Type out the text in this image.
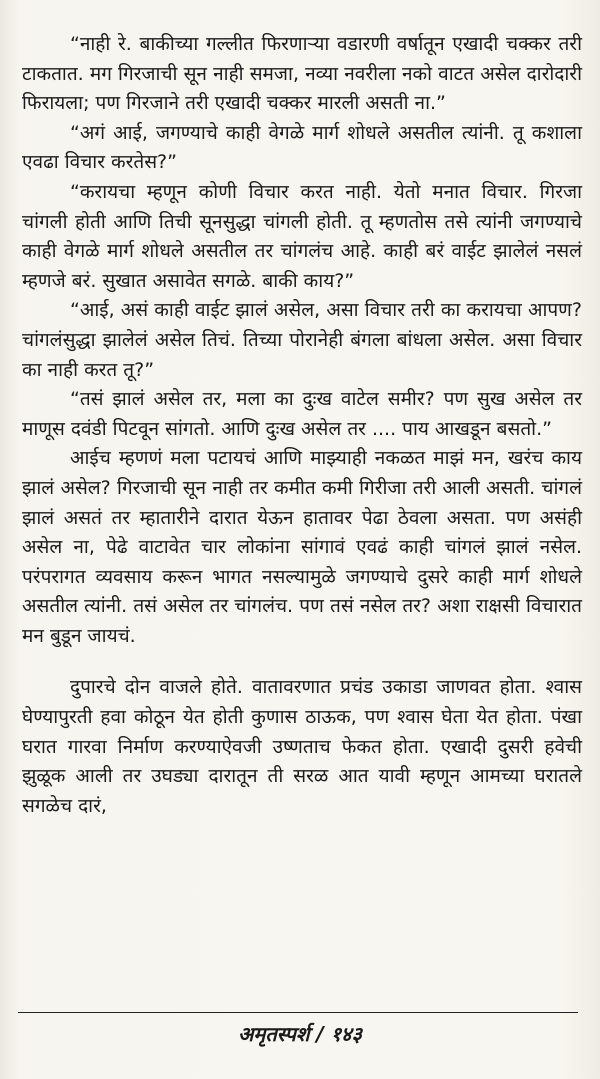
“नाही रे. बाकीच्या गल्लीत फिरणाऱ्या वडारणी वर्षातून एखादी चक्कर तरी टाकतात. मग गिरजाची सून नाही समजा, नव्या नवरीला नको वाटत असेल दारोदारी फिरायला; पण गिरजाने तरी एखादी चक्कर मारली असती ना.”

“अगं आई, जगण्याचे काही वेगळे मार्ग शोधले असतील त्यांनी. तू कशाला एवढा विचार करतेस?”

“करायचा म्हणून कोणी विचार करत नाही. येतो मनात विचार. गिरजा चांगली होती आणि तिची सूनसुद्धा चांगली होती. तू म्हणतोस तसे त्यांनी जगण्याचे काही वेगळे मार्ग शोधले असतील तर चांगलंच आहे. काही बरं वाईट झालेलं नसलं म्हणजे बरं. सुखात असावेत सगळे. बाकी काय?”

“आई, असं काही वाईट झालं असेल, असा विचार तरी का करायचा आपण? चांगलंसुद्धा झालेलं असेल तिचं. तिच्या पोरानेही बंगला बांधला असेल. असा विचार का नाही करत तू?”

“तसं झालं असेल तर, मला का दुःख वाटेल समीर? पण सुख असेल तर माणूस दवंडी पिटवून सांगतो. आणि दुःख असेल तर .... पाय आखडून बसतो.”

आईच म्हणणं मला पटायचं आणि माझ्याही नकळत माझं मन, खरंच काय झालं असेल? गिरजाची सून नाही तर कमीत कमी गिरीजा तरी आली असती. चांगलं झालं असतं तर म्हातारीने दारात येऊन हातावर पेढा ठेवला असता. पण असंही असेल ना, पेढे वाटावेत चार लोकांना सांगावं एवढं काही चांगलं झालं नसेल. परंपरागत व्यवसाय करून भागत नसल्यामुळे जगण्याचे दुसरे काही मार्ग शोधले असतील त्यांनी. तसं असेल तर चांगलंच. पण तसं नसेल तर? अशा राक्षसी विचारात मन बुडून जायचं.

दुपारचे दोन वाजले होते. वातावरणात प्रचंड उकाडा जाणवत होता. श्वास घेण्यापुरती हवा कोठून येत होती कुणास ठाऊक, पण श्वास घेता येत होता. पंखा घरात गारवा निर्माण करण्याऐवजी उष्णताच फेकत होता. एखादी दुसरी हवेची झुळूक आली तर उघड्या दारातून ती सरळ आत यावी म्हणून आमच्या घरातले सगळेच दारं,

अमृतस्पर्श / १४३
